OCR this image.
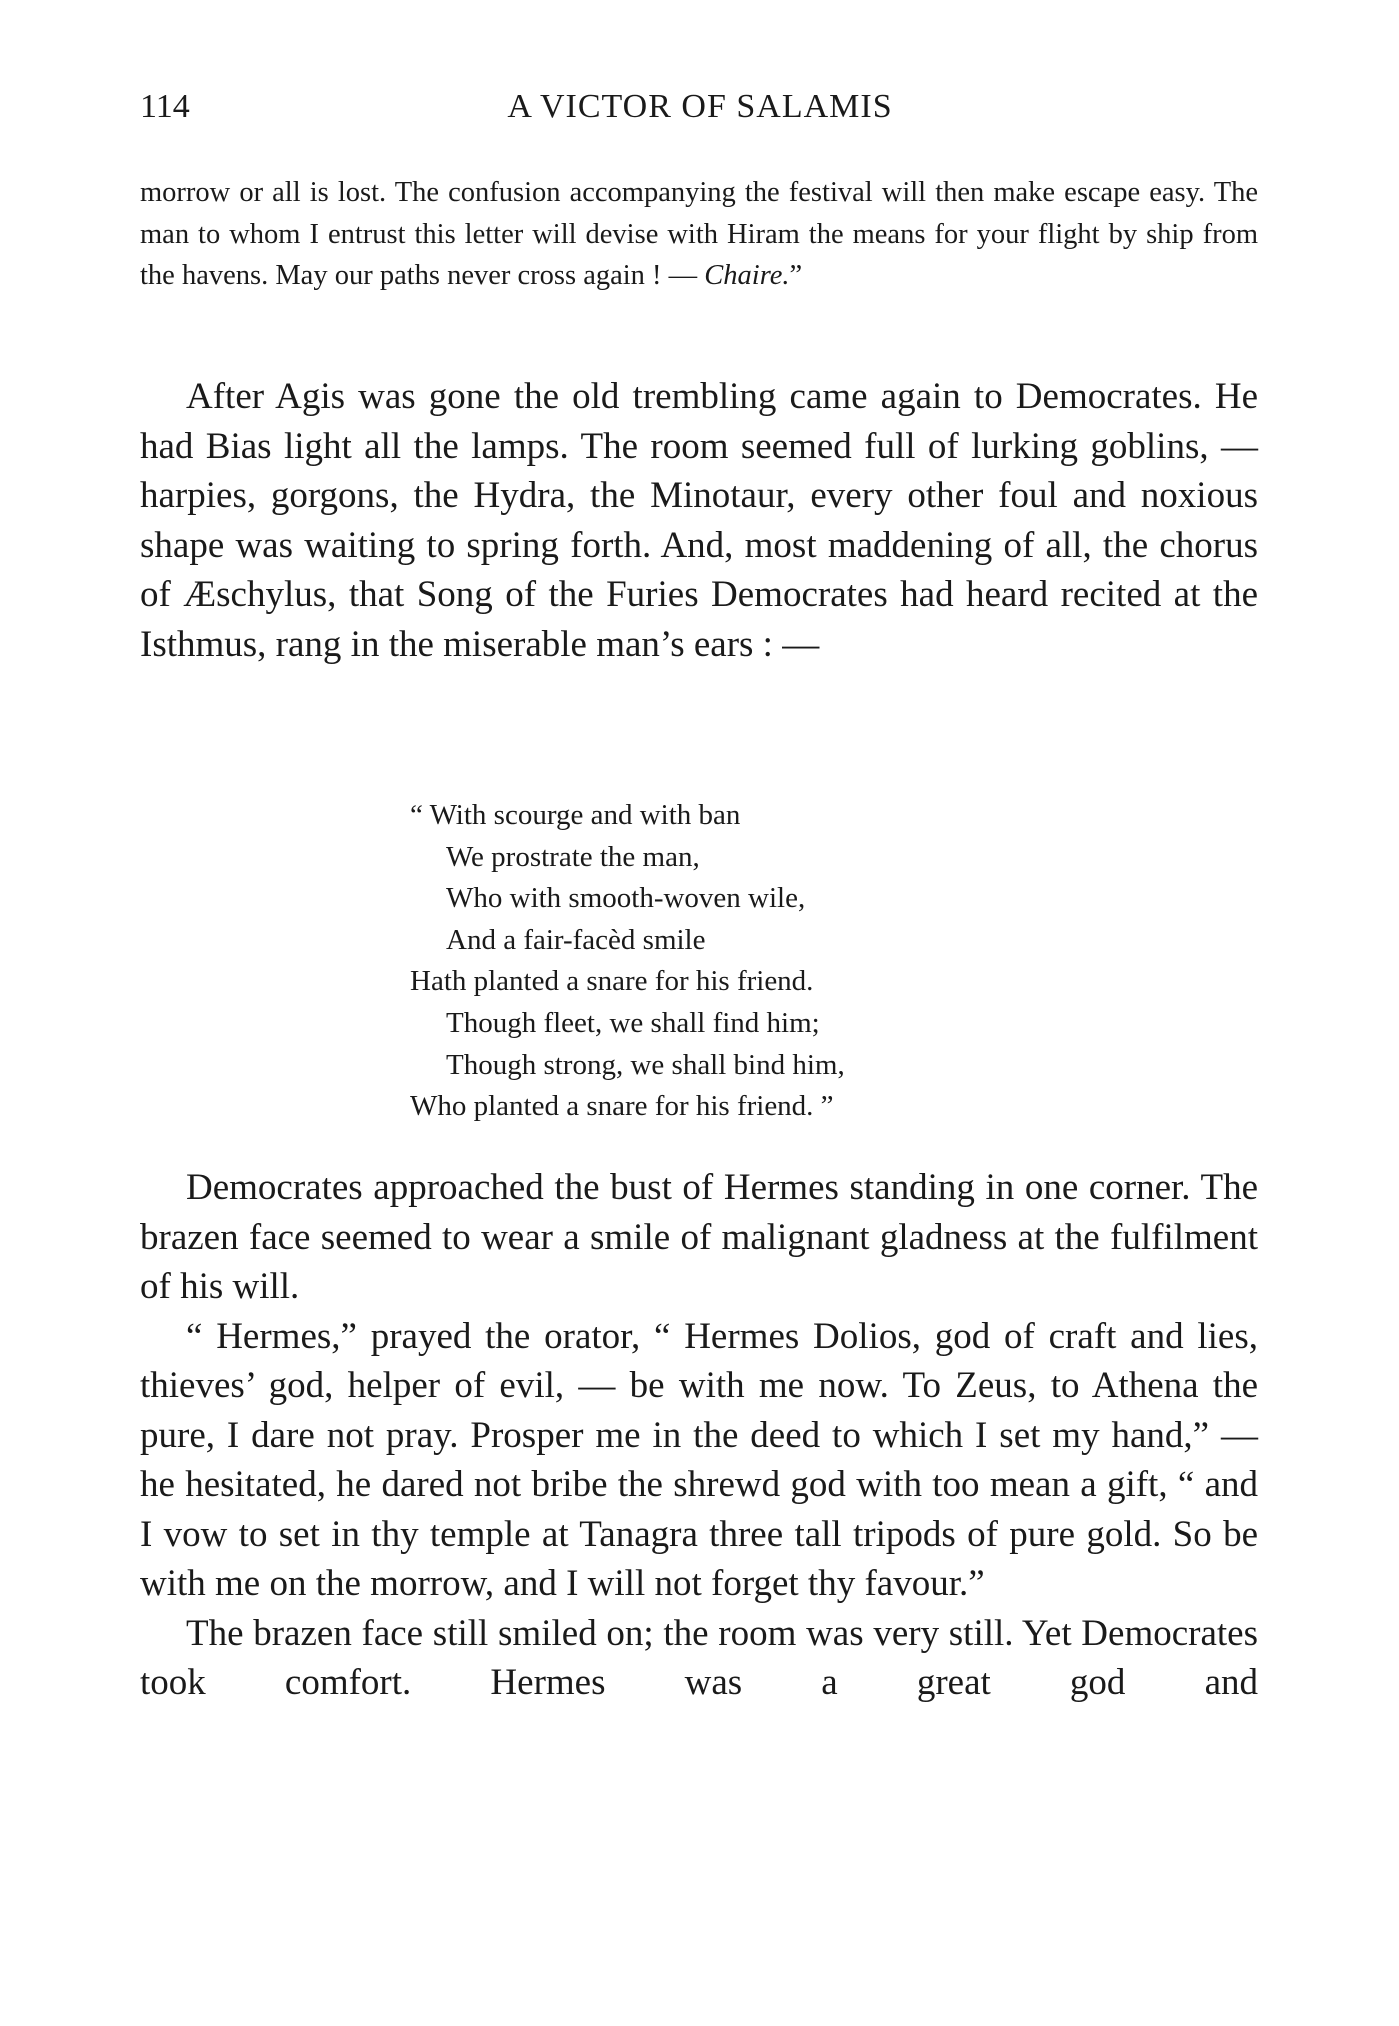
114	A VICTOR OF SALAMIS

morrow or all is lost. The confusion accompanying the festival will then make escape easy. The man to whom I entrust this letter will devise with Hiram the means for your flight by ship from the havens. May our paths never cross again ! — Chaire.”

After Agis was gone the old trembling came again to Democrates. He had Bias light all the lamps. The room seemed full of lurking goblins, — harpies, gorgons, the Hydra, the Minotaur, every other foul and noxious shape was waiting to spring forth. And, most maddening of all, the chorus of Æschylus, that Song of the Furies Democrates had heard recited at the Isthmus, rang in the miserable man’s ears : —

“ With scourge and with ban
We prostrate the man,
Who with smooth-woven wile,
And a fair-facèd smile
Hath planted a snare for his friend.
Though fleet, we shall find him;
Though strong, we shall bind him,
Who planted a snare for his friend. ”

Democrates approached the bust of Hermes standing in one corner. The brazen face seemed to wear a smile of malignant gladness at the fulfilment of his will.

“ Hermes,” prayed the orator, “ Hermes Dolios, god of craft and lies, thieves’ god, helper of evil, — be with me now. To Zeus, to Athena the pure, I dare not pray. Prosper me in the deed to which I set my hand,” — he hesitated, he dared not bribe the shrewd god with too mean a gift, “ and I vow to set in thy temple at Tanagra three tall tripods of pure gold. So be with me on the morrow, and I will not forget thy favour.”

The brazen face still smiled on; the room was very still. Yet Democrates took comfort. Hermes was a great god and
